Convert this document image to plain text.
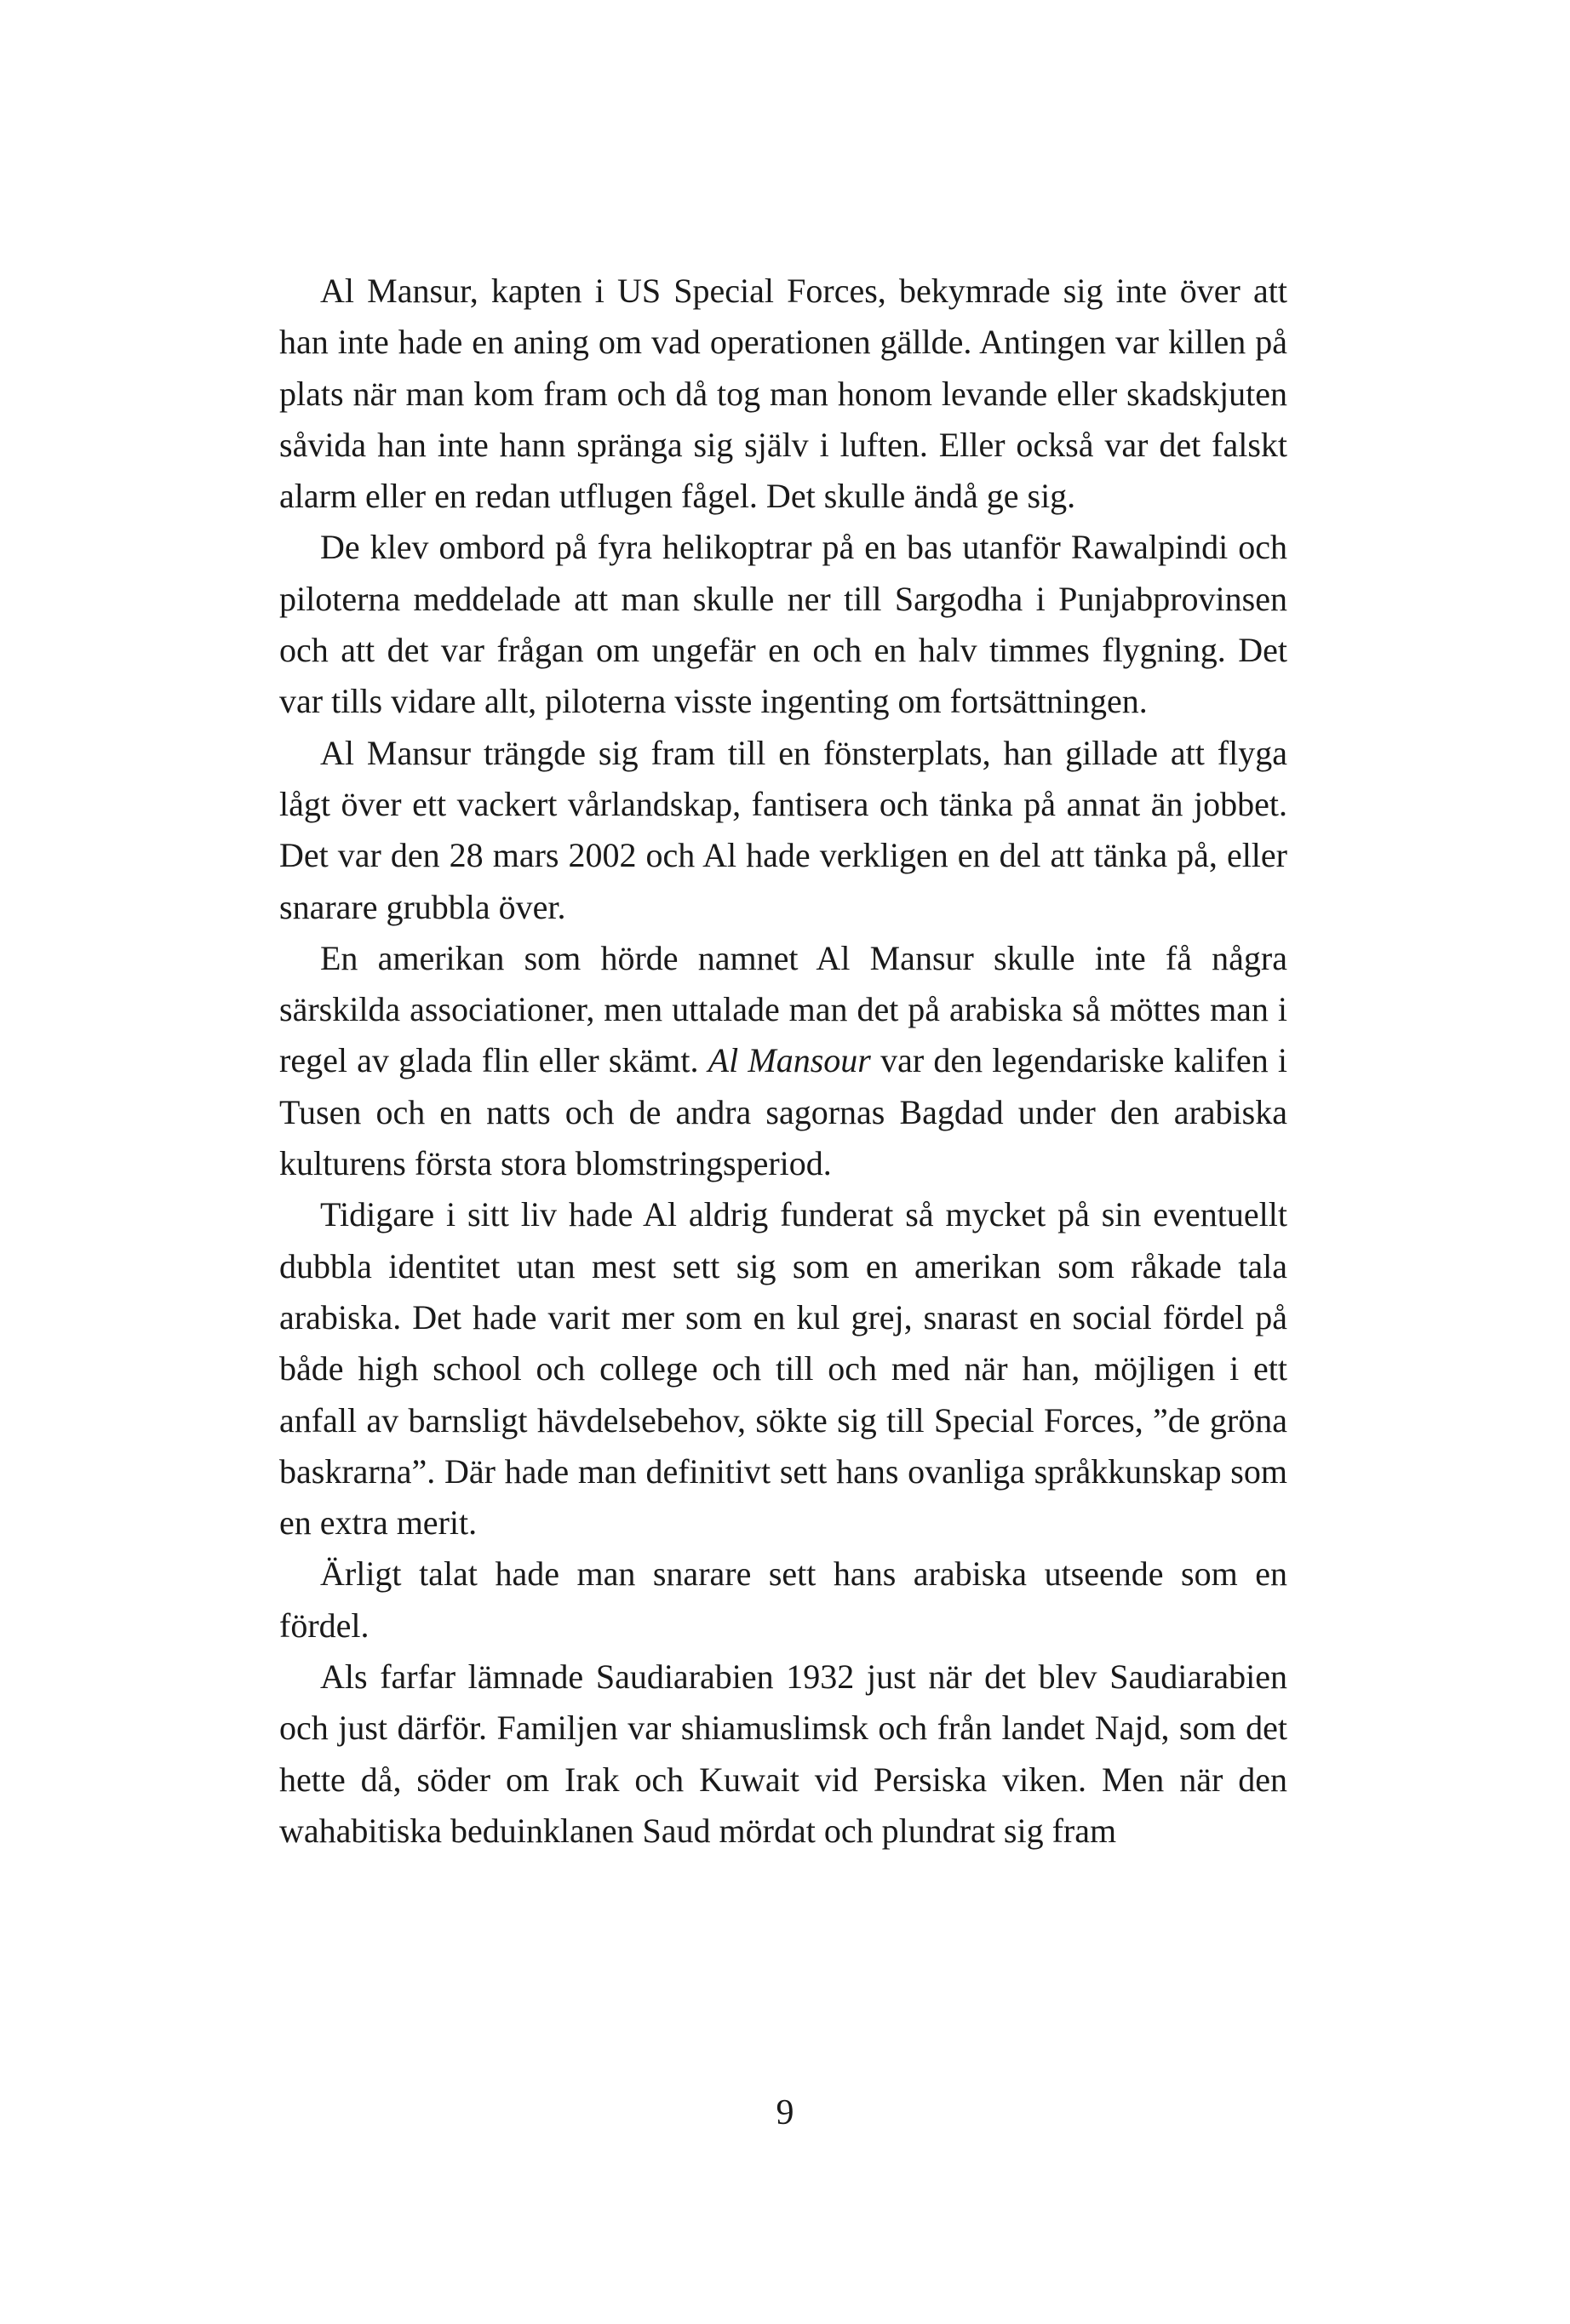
Al Mansur, kapten i US Special Forces, bekymrade sig inte över att han inte hade en aning om vad operationen gällde. Antingen var killen på plats när man kom fram och då tog man honom levande eller skadskjuten såvida han inte hann spränga sig själv i luften. Eller också var det falskt alarm eller en redan utflugen fågel. Det skulle ändå ge sig.

De klev ombord på fyra helikoptrar på en bas utanför Rawalpindi och piloterna meddelade att man skulle ner till Sargodha i Punjabprovinsen och att det var frågan om ungefär en och en halv timmes flygning. Det var tills vidare allt, piloterna visste ingenting om fortsättningen.

Al Mansur trängde sig fram till en fönsterplats, han gillade att flyga lågt över ett vackert vårlandskap, fantisera och tänka på annat än jobbet. Det var den 28 mars 2002 och Al hade verkligen en del att tänka på, eller snarare grubbla över.

En amerikan som hörde namnet Al Mansur skulle inte få några särskilda associationer, men uttalade man det på arabiska så möttes man i regel av glada flin eller skämt. Al Mansour var den legendariske kalifen i Tusen och en natts och de andra sagornas Bagdad under den arabiska kulturens första stora blomstringsperiod.

Tidigare i sitt liv hade Al aldrig funderat så mycket på sin eventuellt dubbla identitet utan mest sett sig som en amerikan som råkade tala arabiska. Det hade varit mer som en kul grej, snarast en social fördel på både high school och college och till och med när han, möjligen i ett anfall av barnsligt hävdelsebehov, sökte sig till Special Forces, ”de gröna baskrarna”. Där hade man definitivt sett hans ovanliga språkkunskap som en extra merit.

Ärligt talat hade man snarare sett hans arabiska utseende som en fördel.

Als farfar lämnade Saudiarabien 1932 just när det blev Saudiarabien och just därför. Familjen var shiamuslimsk och från landet Najd, som det hette då, söder om Irak och Kuwait vid Persiska viken. Men när den wahabitiska beduinklanen Saud mördat och plundrat sig fram

9
